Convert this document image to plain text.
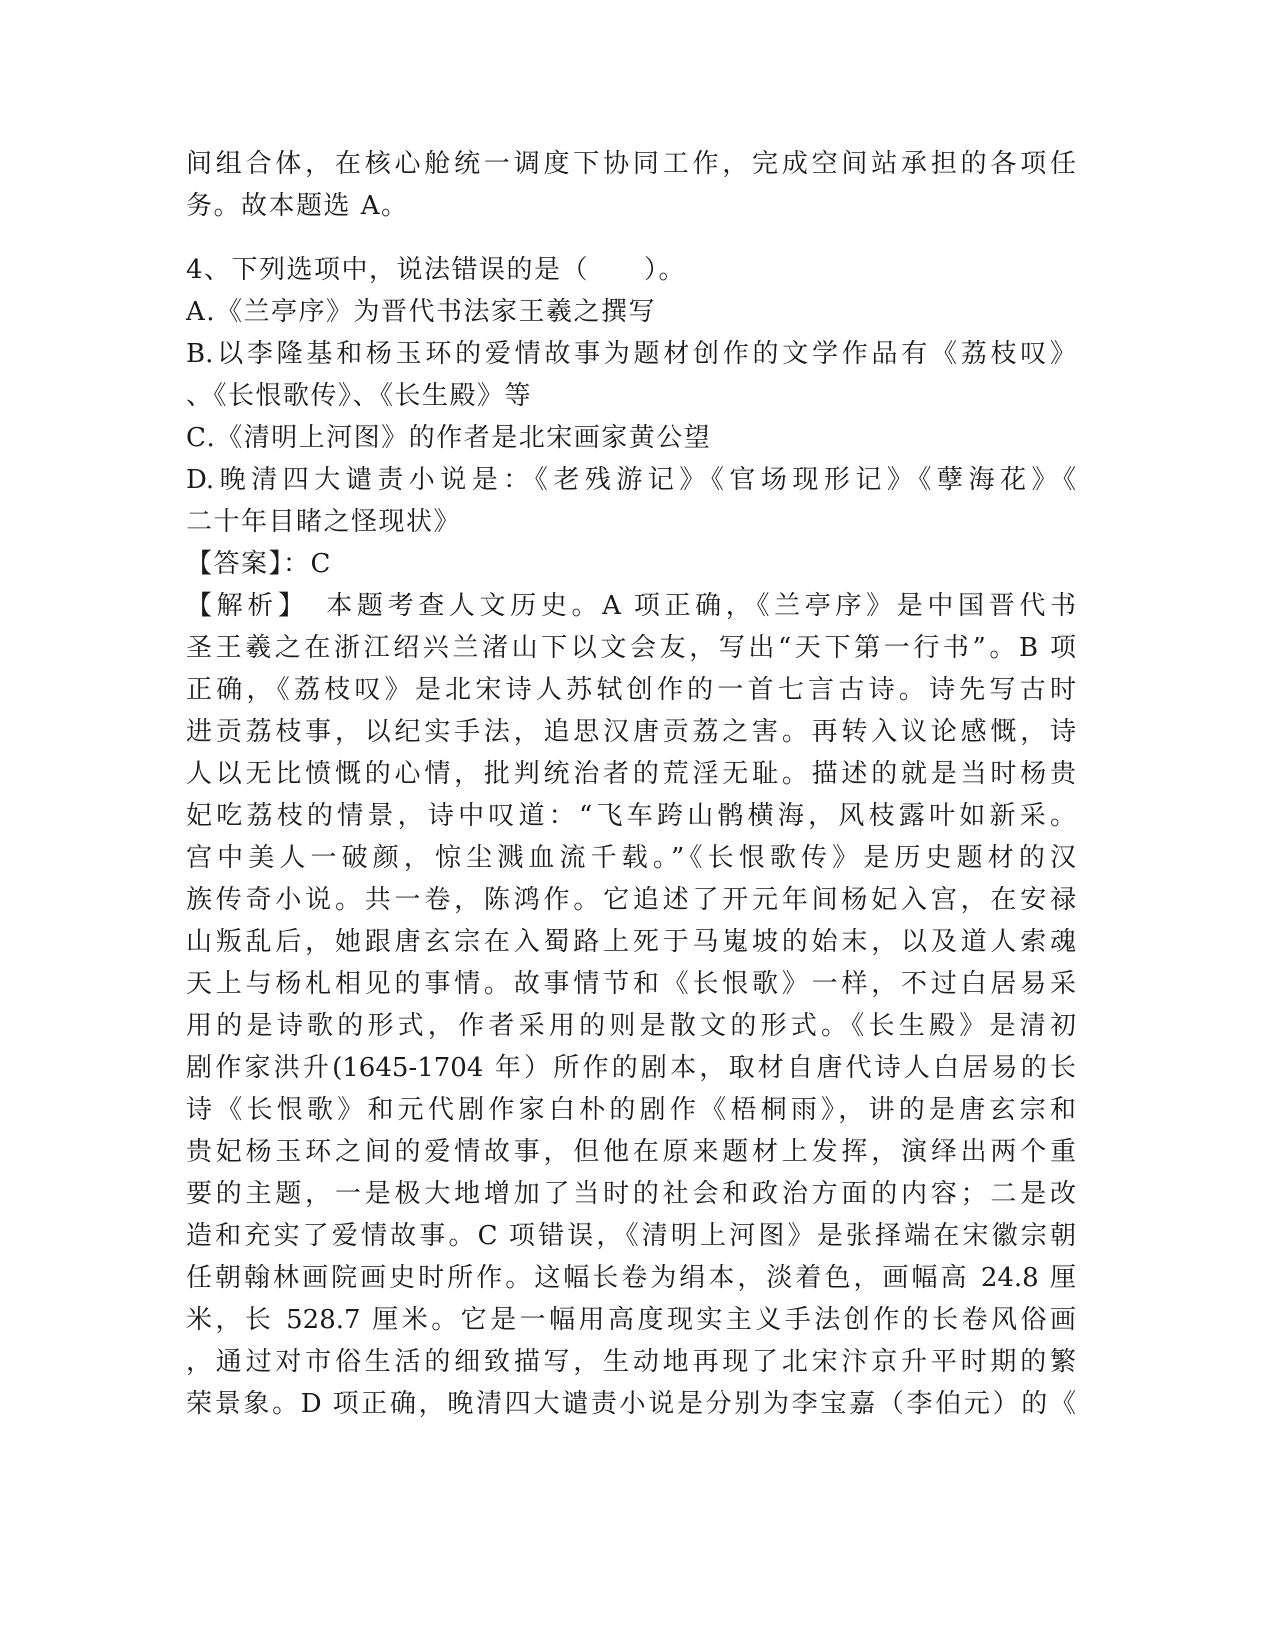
间组合体，在核心舱统一调度下协同工作，完成空间站承担的各项任
务。故本题选 A。
4、下列选项中，说法错误的是（　　）。
A.《兰亭序》为晋代书法家王羲之撰写
B.以李隆基和杨玉环的爱情故事为题材创作的文学作品有《荔枝叹》
、《长恨歌传》、《长生殿》等
C.《清明上河图》的作者是北宋画家黄公望
D.晚清四大谴责小说是：《老残游记》《官场现形记》《孽海花》《
二十年目睹之怪现状》
【答案】：C
【解析】　本题考查人文历史。A 项正确，《兰亭序》是中国晋代书
圣王羲之在浙江绍兴兰渚山下以文会友，写出“天下第一行书”。B 项
正确，《荔枝叹》是北宋诗人苏轼创作的一首七言古诗。诗先写古时
进贡荔枝事，以纪实手法，追思汉唐贡荔之害。再转入议论感慨，诗
人以无比愤慨的心情，批判统治者的荒淫无耻。描述的就是当时杨贵
妃吃荔枝的情景，诗中叹道：“飞车跨山鹘横海，风枝露叶如新采。
宫中美人一破颜，惊尘溅血流千载。”《长恨歌传》是历史题材的汉
族传奇小说。共一卷，陈鸿作。它追述了开元年间杨妃入宫，在安禄
山叛乱后，她跟唐玄宗在入蜀路上死于马嵬坡的始末，以及道人索魂
天上与杨札相见的事情。故事情节和《长恨歌》一样，不过白居易采
用的是诗歌的形式，作者采用的则是散文的形式。《长生殿》是清初
剧作家洪升(1645-1704 年）所作的剧本，取材自唐代诗人白居易的长
诗《长恨歌》和元代剧作家白朴的剧作《梧桐雨》，讲的是唐玄宗和
贵妃杨玉环之间的爱情故事，但他在原来题材上发挥，演绎出两个重
要的主题，一是极大地增加了当时的社会和政治方面的内容；二是改
造和充实了爱情故事。C 项错误，《清明上河图》是张择端在宋徽宗朝
任朝翰林画院画史时所作。这幅长卷为绢本，淡着色，画幅高 24.8 厘
米，长 528.7 厘米。它是一幅用高度现实主义手法创作的长卷风俗画
，通过对市俗生活的细致描写，生动地再现了北宋汴京升平时期的繁
荣景象。D 项正确，晚清四大谴责小说是分别为李宝嘉（李伯元）的《
